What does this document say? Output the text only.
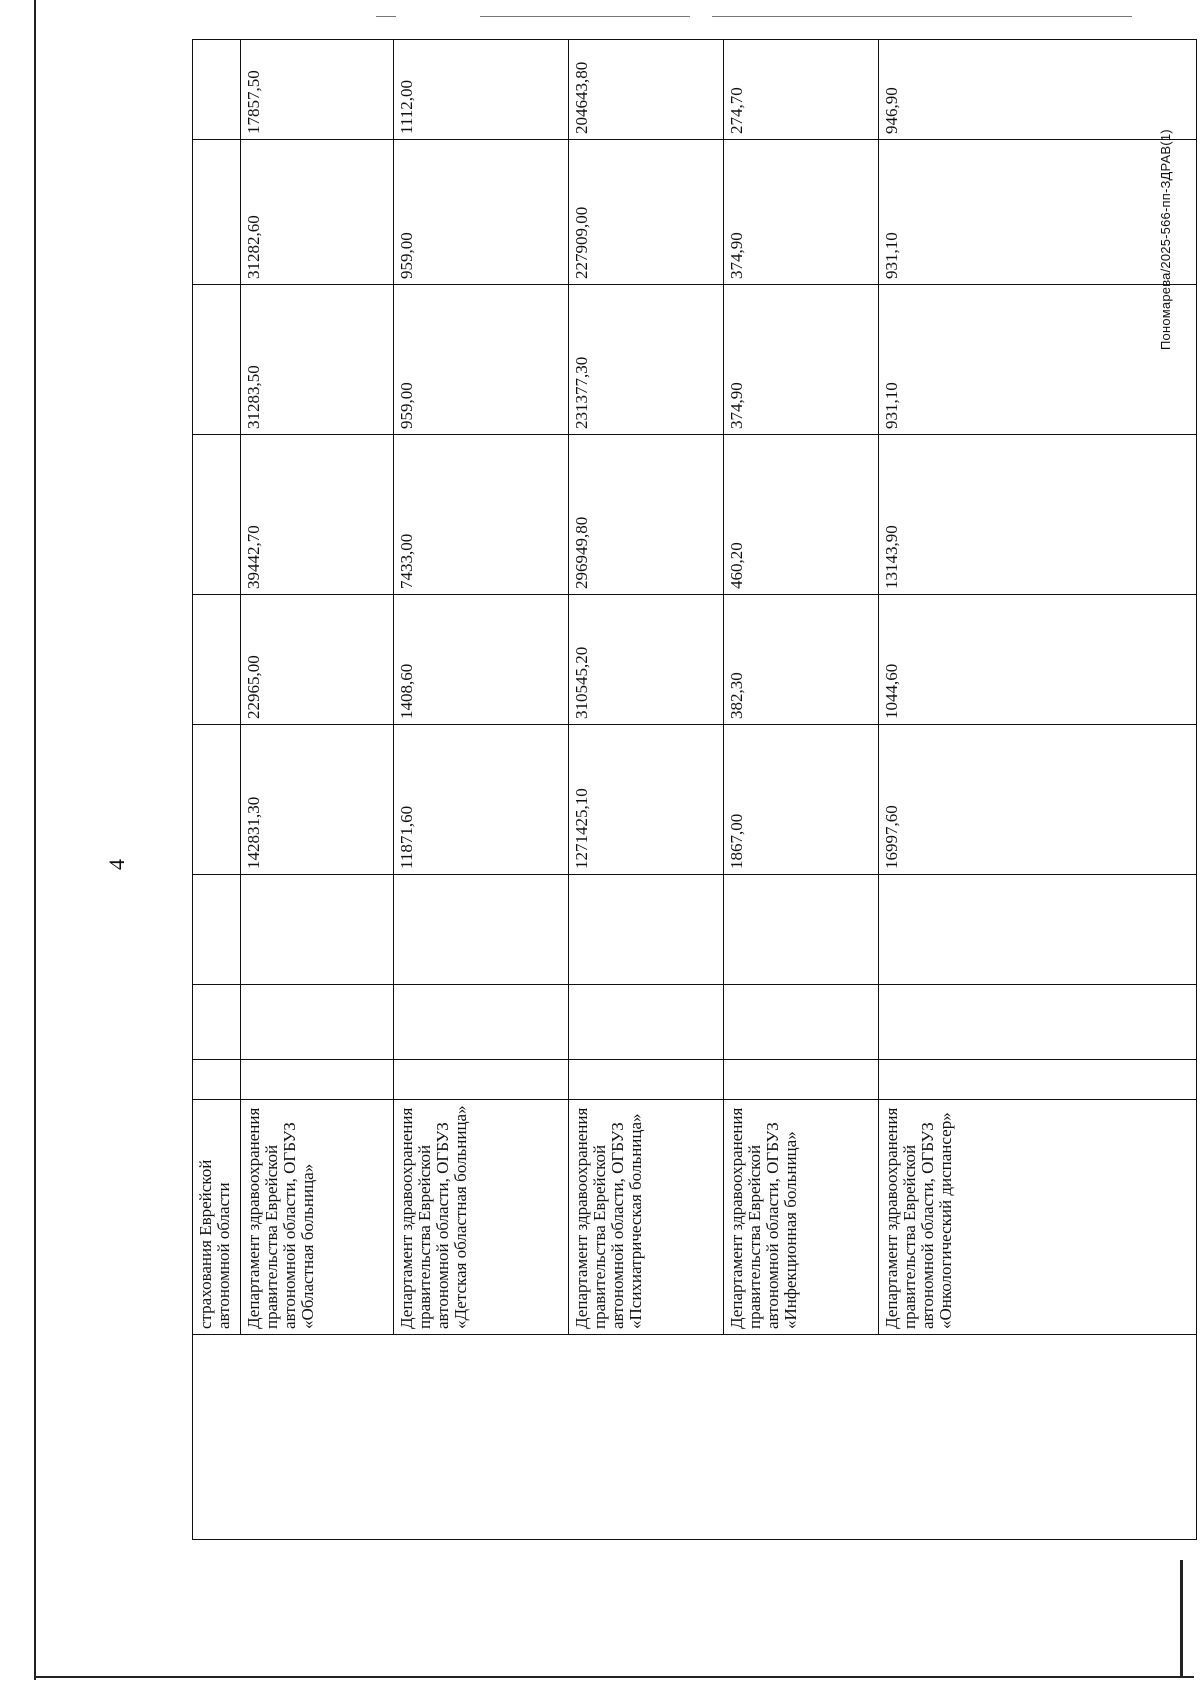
4
Пономарева/2025-566-пп-ЗДРАВ(1)
	страхования Еврейской автономной области									
	Департамент здравоохранения правительства Еврейской автономной области, ОГБУЗ «Областная больница»				142831,30	22965,00	39442,70	31283,50	31282,60	17857,50
	Департамент здравоохранения правительства Еврейской автономной области, ОГБУЗ «Детская областная больница»				11871,60	1408,60	7433,00	959,00	959,00	1112,00
	Департамент здравоохранения правительства Еврейской автономной области, ОГБУЗ «Психиатрическая больница»				1271425,10	310545,20	296949,80	231377,30	227909,00	204643,80
	Департамент здравоохранения правительства Еврейской автономной области, ОГБУЗ «Инфекционная больница»				1867,00	382,30	460,20	374,90	374,90	274,70
	Департамент здравоохранения правительства Еврейской автономной области, ОГБУЗ «Онкологический диспансер»				16997,60	1044,60	13143,90	931,10	931,10	946,90
